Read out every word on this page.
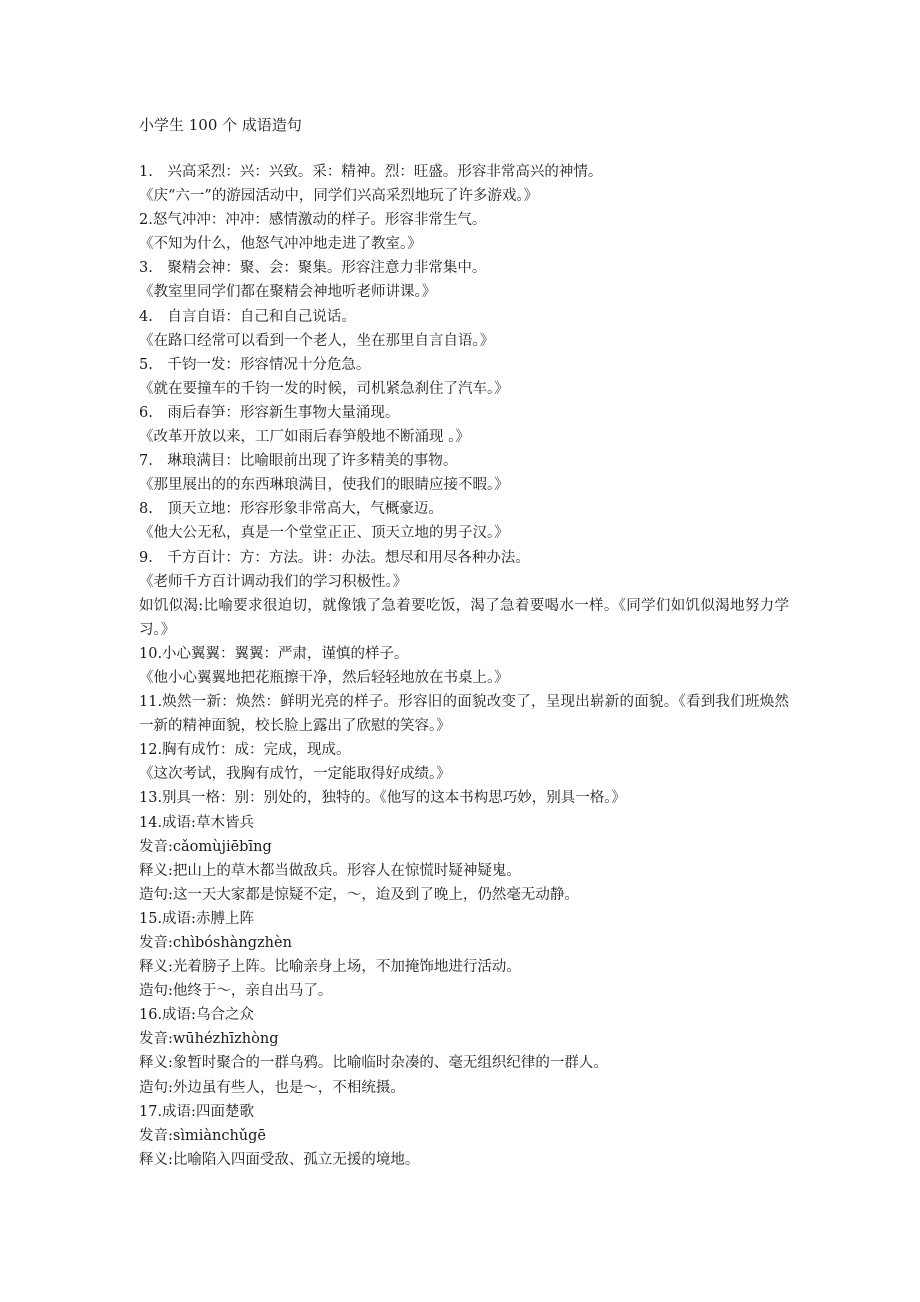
小学生 100 个 成语造句

1.　兴高采烈：兴：兴致。采：精神。烈：旺盛。形容非常高兴的神情。

《庆“六一”的游园活动中，同学们兴高采烈地玩了许多游戏。》

2.怒气冲冲：冲冲：感情激动的样子。形容非常生气。

《不知为什么，他怒气冲冲地走进了教室。》

3.　聚精会神：聚、会：聚集。形容注意力非常集中。

《教室里同学们都在聚精会神地听老师讲课。》

4.　自言自语：自己和自己说话。

《在路口经常可以看到一个老人，坐在那里自言自语。》

5.　千钧一发：形容情况十分危急。

《就在要撞车的千钧一发的时候，司机紧急刹住了汽车。》

6.　雨后春笋：形容新生事物大量涌现。

《改革开放以来，工厂如雨后春笋般地不断涌现 。》

7.　琳琅满目：比喻眼前出现了许多精美的事物。

《那里展出的的东西琳琅满目，使我们的眼睛应接不暇。》

8.　顶天立地：形容形象非常高大，气概豪迈。

《他大公无私，真是一个堂堂正正、顶天立地的男子汉。》

9.　千方百计：方：方法。讲：办法。想尽和用尽各种办法。

《老师千方百计调动我们的学习积极性。》

如饥似渴:比喻要求很迫切，就像饿了急着要吃饭，渴了急着要喝水一样。《同学们如饥似渴地努力学习。》

10.小心翼翼：翼翼：严肃，谨慎的样子。

《他小心翼翼地把花瓶擦干净，然后轻轻地放在书桌上。》

11.焕然一新：焕然：鲜明光亮的样子。形容旧的面貌改变了，呈现出崭新的面貌。《看到我们班焕然一新的精神面貌，校长脸上露出了欣慰的笑容。》

12.胸有成竹：成：完成，现成。

《这次考试，我胸有成竹，一定能取得好成绩。》

13.别具一格：别：别处的，独特的。《他写的这本书构思巧妙，别具一格。》

14.成语:草木皆兵

发音:cǎomùjiēbīng

释义:把山上的草木都当做敌兵。形容人在惊慌时疑神疑鬼。

造句:这一天大家都是惊疑不定，～，迨及到了晚上，仍然毫无动静。

15.成语:赤膊上阵

发音:chìbóshàngzhèn

释义:光着膀子上阵。比喻亲身上场，不加掩饰地进行活动。

造句:他终于～，亲自出马了。

16.成语:乌合之众

发音:wūhézhīzhòng

释义:象暂时聚合的一群乌鸦。比喻临时杂凑的、毫无组织纪律的一群人。

造句:外边虽有些人，也是～，不相统摄。

17.成语:四面楚歌

发音:sìmiànchǔgē

释义:比喻陷入四面受敌、孤立无援的境地。
